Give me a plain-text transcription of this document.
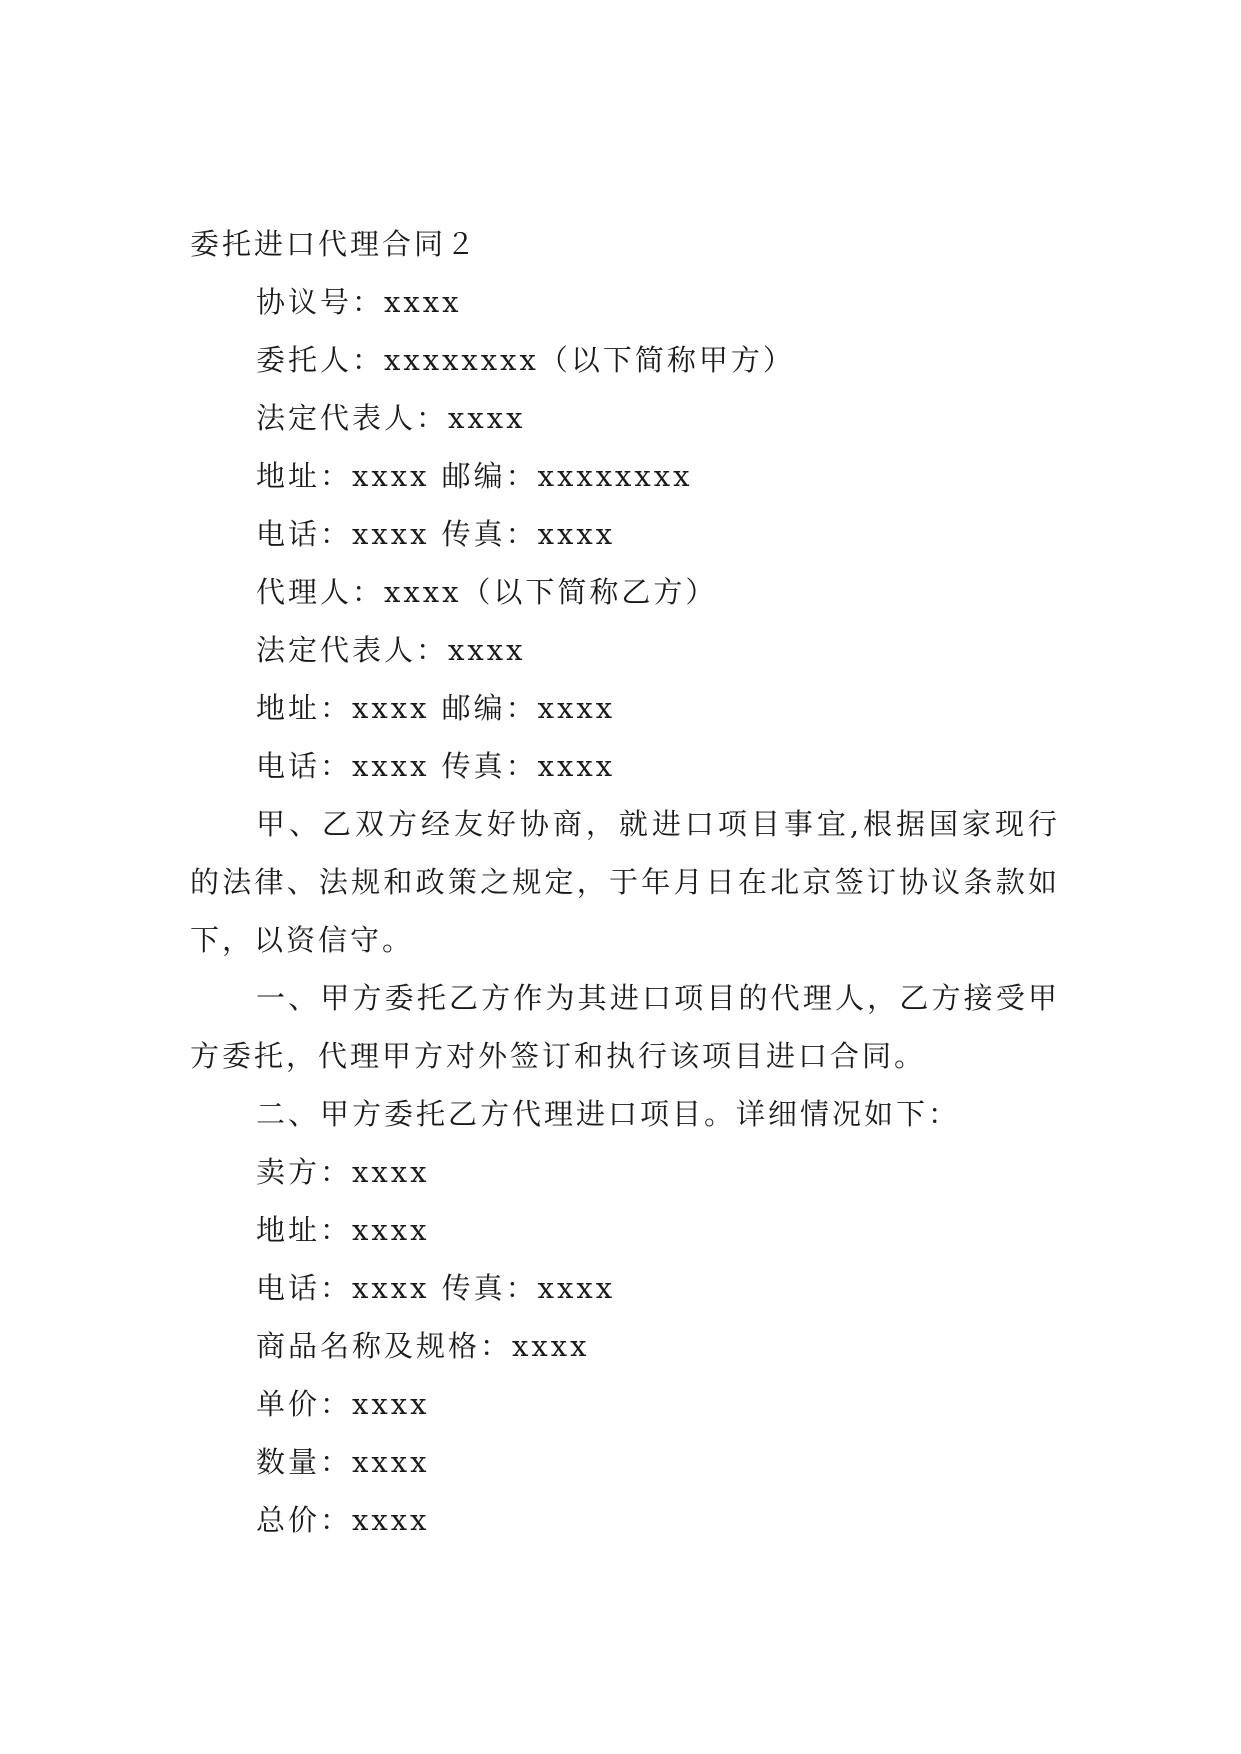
委托进口代理合同２

协议号：xxxx

委托人：xxxxxxxx（以下简称甲方）

法定代表人：xxxx

地址：xxxx 邮编：xxxxxxxx

电话：xxxx 传真：xxxx

代理人：xxxx（以下简称乙方）

法定代表人：xxxx

地址：xxxx 邮编：xxxx

电话：xxxx 传真：xxxx

甲、乙双方经友好协商，就进口项目事宜,根据国家现行的法律、法规和政策之规定，于年月日在北京签订协议条款如下，以资信守。

一、甲方委托乙方作为其进口项目的代理人，乙方接受甲方委托，代理甲方对外签订和执行该项目进口合同。

二、甲方委托乙方代理进口项目。详细情况如下：

卖方：xxxx

地址：xxxx

电话：xxxx 传真：xxxx

商品名称及规格：xxxx

单价：xxxx

数量：xxxx

总价：xxxx
